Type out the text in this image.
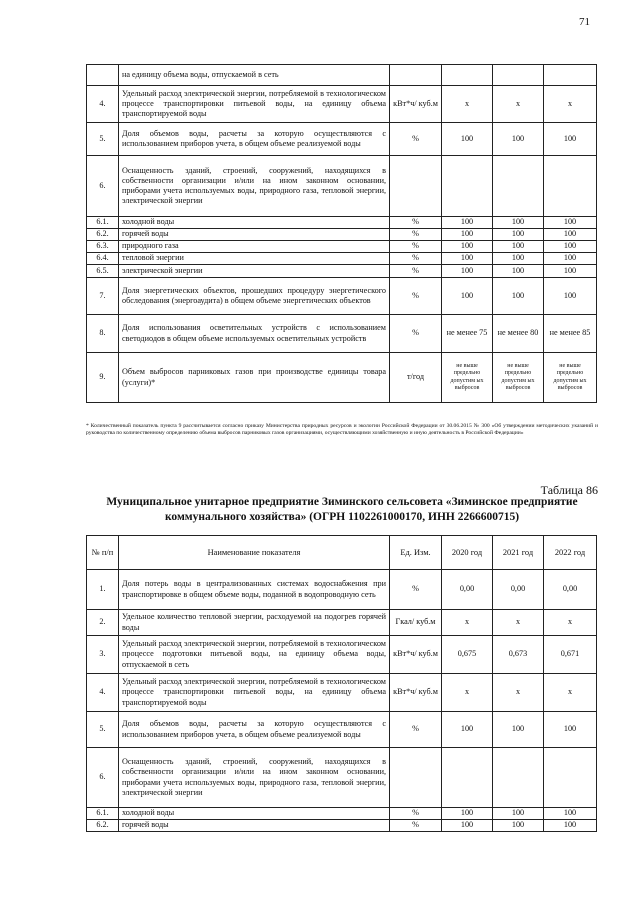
71
	на единицу объема воды, отпускаемой в сеть				
4.	Удельный расход электрической энергии, потребляемой в технологическом процессе транспортировки питьевой воды, на единицу объема транспортируемой воды	кВт*ч/ куб.м	х	х	х
5.	Доля объемов воды, расчеты за которую осуществляются с использованием приборов учета, в общем объеме реализуемой воды	%	100	100	100
6.	Оснащенность зданий, строений, сооружений, находящихся в собственности организации и/или на ином законном основании, приборами учета используемых воды, природного газа, тепловой энергии, электрической энергии				
6.1.	холодной воды	%	100	100	100
6.2.	горячей воды	%	100	100	100
6.3.	природного газа	%	100	100	100
6.4.	тепловой энергии	%	100	100	100
6.5.	электрической энергии	%	100	100	100
7.	Доля энергетических объектов, прошедших процедуру энергетического обследования (энергоаудита) в общем объеме энергетических объектов	%	100	100	100
8.	Доля использования осветительных устройств с использованием светодиодов в общем объеме используемых осветительных устройств	%	не менее 75	не менее 80	не менее 85
9.	Объем выбросов парниковых газов при производстве единицы товара (услуги)*	т/год	не выше предельно допустим ых выбросов	не выше предельно допустим ых выбросов	не выше предельно допустим ых выбросов
* Количественный показатель пункта 9 рассчитывается согласно приказу Министерства природных ресурсов и экологии Российской Федерации от 30.06.2015 № 300 «Об утверждении методических указаний и руководства по количественному определению объема выбросов парниковых газов организациями, осуществляющими хозяйственную и иную деятельность в Российской Федерации»
Таблица 86
Муниципальное унитарное предприятие Зиминского сельсовета «Зиминское предприятие коммунального хозяйства» (ОГРН 1102261000170, ИНН 2266600715)
№ п/п	Наименование показателя	Ед. Изм.	2020 год	2021 год	2022 год
1.	Доля потерь воды в централизованных системах водоснабжения при транспортировке в общем объеме воды, поданной в водопроводную сеть	%	0,00	0,00	0,00
2.	Удельное количество тепловой энергии, расходуемой на подогрев горячей воды	Гкал/ куб.м	х	х	х
3.	Удельный расход электрической энергии, потребляемой в технологическом процессе подготовки питьевой воды, на единицу объема воды, отпускаемой в сеть	кВт*ч/ куб.м	0,675	0,673	0,671
4.	Удельный расход электрической энергии, потребляемой в технологическом процессе транспортировки питьевой воды, на единицу объема транспортируемой воды	кВт*ч/ куб.м	х	х	х
5.	Доля объемов воды, расчеты за которую осуществляются с использованием приборов учета, в общем объеме реализуемой воды	%	100	100	100
6.	Оснащенность зданий, строений, сооружений, находящихся в собственности организации и/или на ином законном основании, приборами учета используемых воды, природного газа, тепловой энергии, электрической энергии				
6.1.	холодной воды	%	100	100	100
6.2.	горячей воды	%	100	100	100
